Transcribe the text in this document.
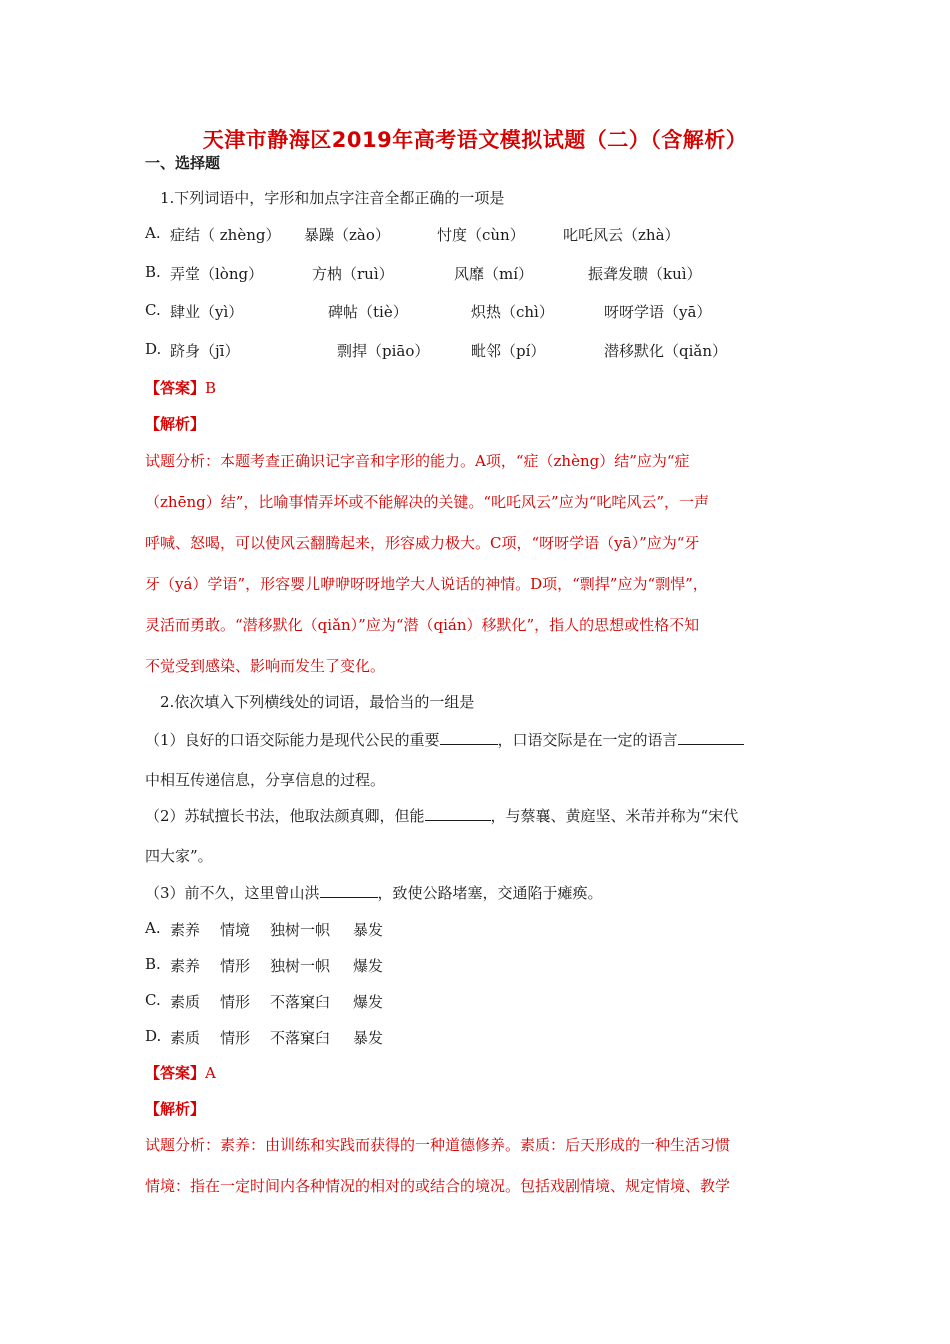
天津市静海区2019年高考语文模拟试题（二）（含解析）
一、选择题
1.下列词语中，字形和加点字注音全都正确的一项是
A. 症结（ zhèng） 暴躁（zào）	忖度（cùn）	叱吒风云（zhà）
B. 弄堂（lòng）	方枘（ruì）	风靡（mí）	振聋发聩（kuì）
C. 肆业（yì）	碑帖（tiè）	炽热（chì）	呀呀学语（yā）
D. 跻身（jī）	剽捍（piāo）	毗邻（pí）	潜移默化（qiǎn）
【答案】B
【解析】
试题分析：本题考查正确识记字音和字形的能力。A项，“症（zhèng）结”应为“症
（zhēng）结”，比喻事情弄坏或不能解决的关键。“叱吒风云”应为“叱咤风云”，一声
呼喊、怒喝，可以使风云翻腾起来，形容威力极大。C项，“呀呀学语（yā）”应为“牙
牙（yá）学语”，形容婴儿咿咿呀呀地学大人说话的神情。D项，“剽捍”应为“剽悍”，
灵活而勇敢。“潜移默化（qiǎn）”应为“潜（qián）移默化”，指人的思想或性格不知
不觉受到感染、影响而发生了变化。
2.依次填入下列横线处的词语，最恰当的一组是
（1）良好的口语交际能力是现代公民的重要	，口语交际是在一定的语言
中相互传递信息，分享信息的过程。
（2）苏轼擅长书法，他取法颜真卿，但能	，与蔡襄、黄庭坚、米芾并称为“宋代
四大家”。
（3）前不久，这里曾山洪	，致使公路堵塞，交通陷于瘫痪。
A. 素养 情境 独树一帜 暴发
B. 素养 情形 独树一帜 爆发
C. 素质 情形 不落窠臼 爆发
D. 素质 情形 不落窠臼 暴发
【答案】A
【解析】
试题分析：素养：由训练和实践而获得的一种道德修养。素质：后天形成的一种生活习惯
情境：指在一定时间内各种情况的相对的或结合的境况。包括戏剧情境、规定情境、教学
